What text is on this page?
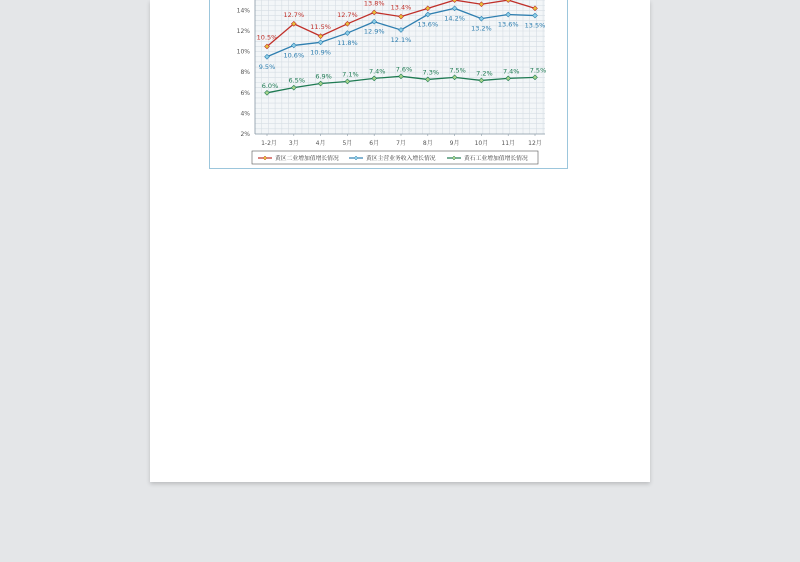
2%
4%
6%
8%
10%
12%
14%
1-2月 3月	4月	5月	6月	7月	8月	9月	10月 11月 12月
10.5%
12.7%
11.5%
12.7%
13.8%
13.4%
9.5%
10.6% 10.9%
11.8%
12.9%
12.1%
13.6%
14.2%
13.2%
13.6% 13.5%
6.0%
6.5%
6.9% 7.1% 7.4% 7.6% 7.3% 7.5% 7.2% 7.4% 7.5%
黄区二业增加值增长情况	黄区主营业务收入增长情况	黄石工业增加值增长情况
